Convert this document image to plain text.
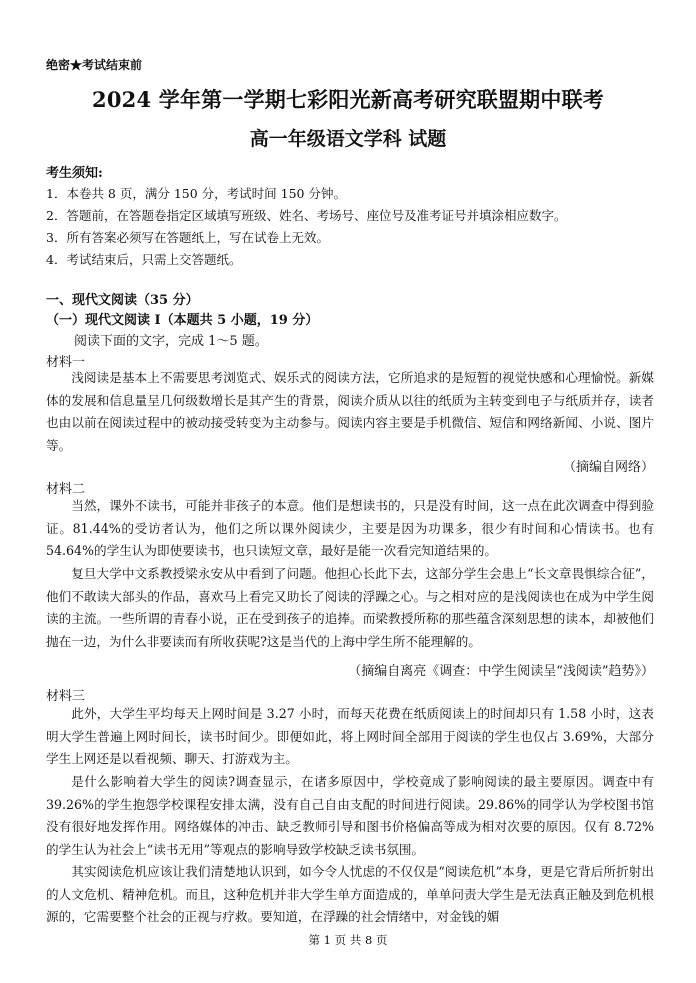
绝密★考试结束前
2024 学年第一学期七彩阳光新高考研究联盟期中联考
高一年级语文学科 试题
考生须知:
1．本卷共 8 页，满分 150 分，考试时间 150 分钟。
2．答题前，在答题卷指定区域填写班级、姓名、考场号、座位号及准考证号并填涂相应数字。
3．所有答案必须写在答题纸上，写在试卷上无效。
4．考试结束后，只需上交答题纸。
一、现代文阅读（35 分）
（一）现代文阅读 I（本题共 5 小题，19 分）
阅读下面的文字，完成 1～5 题。
材料一
浅阅读是基本上不需要思考浏览式、娱乐式的阅读方法，它所追求的是短暂的视觉快感和心理愉悦。新媒体的发展和信息量呈几何级数增长是其产生的背景，阅读介质从以往的纸质为主转变到电子与纸质并存，读者也由以前在阅读过程中的被动接受转变为主动参与。阅读内容主要是手机微信、短信和网络新闻、小说、图片等。
（摘编自网络）
材料二
当然，课外不读书，可能并非孩子的本意。他们是想读书的，只是没有时间，这一点在此次调查中得到验证。81.44%的受访者认为，他们之所以课外阅读少，主要是因为功课多，很少有时间和心情读书。也有54.64%的学生认为即使要读书，也只读短文章，最好是能一次看完知道结果的。
复旦大学中文系教授梁永安从中看到了问题。他担心长此下去，这部分学生会患上“长文章畏惧综合征”，他们不敢读大部头的作品，喜欢马上看完又助长了阅读的浮躁之心。与之相对应的是浅阅读也在成为中学生阅读的主流。一些所谓的青春小说，正在受到孩子的追捧。而梁教授所称的那些蕴含深刻思想的读本，却被他们抛在一边，为什么非要读而有所收获呢?这是当代的上海中学生所不能理解的。
（摘编自离亮《调查：中学生阅读呈“浅阅读”趋势》）
材料三
此外，大学生平均每天上网时间是 3.27 小时，而每天花费在纸质阅读上的时间却只有 1.58 小时，这表明大学生普遍上网时间长，读书时间少。即便如此，将上网时间全部用于阅读的学生也仅占 3.69%，大部分学生上网还是以看视频、聊天、打游戏为主。
是什么影响着大学生的阅读?调查显示，在诸多原因中，学校竟成了影响阅读的最主要原因。调查中有 39.26%的学生抱怨学校课程安排太满，没有自己自由支配的时间进行阅读。29.86%的同学认为学校图书馆没有很好地发挥作用。网络媒体的冲击、缺乏教师引导和图书价格偏高等成为相对次要的原因。仅有 8.72%的学生认为社会上“读书无用”等观点的影响导致学校缺乏读书氛围。
其实阅读危机应该让我们清楚地认识到，如今令人忧虑的不仅仅是“阅读危机”本身，更是它背后所折射出的人文危机、精神危机。而且，这种危机并非大学生单方面造成的，单单问责大学生是无法真正触及到危机根源的，它需要整个社会的正视与疗救。要知道，在浮躁的社会情绪中，对金钱的媚
第 1 页 共 8 页
